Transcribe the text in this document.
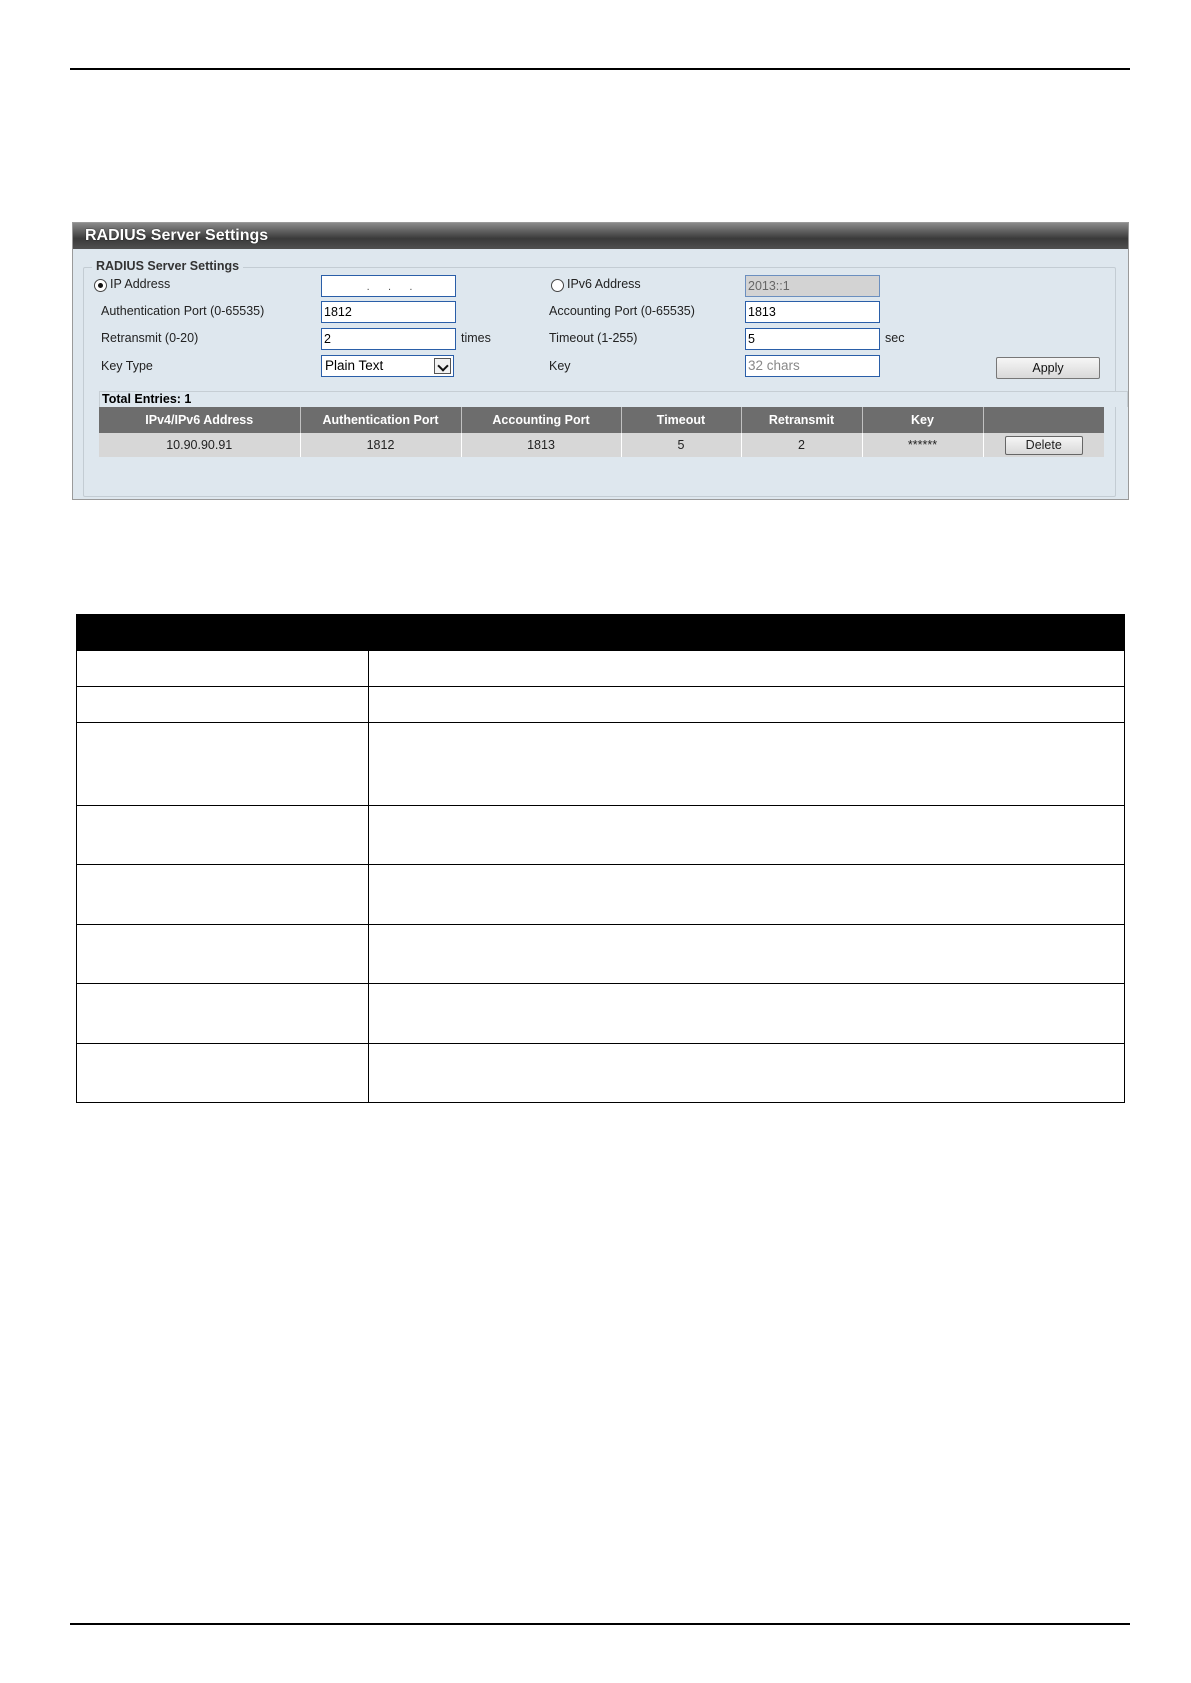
RADIUS Server Settings
RADIUS Server Settings
IP Address	.      .      .	IPv6 Address	2013::1
Authentication Port (0-65535)	1812	Accounting Port (0-65535)	1813
Retransmit (0-20)	2	times	Timeout (1-255)	5	sec
Key Type	Plain Text	Key	32 chars	Apply
Total Entries: 1
IPv4/IPv6 Address	Authentication Port	Accounting Port	Timeout	Retransmit	Key	
10.90.90.91	1812	1813	5	2	******	Delete
